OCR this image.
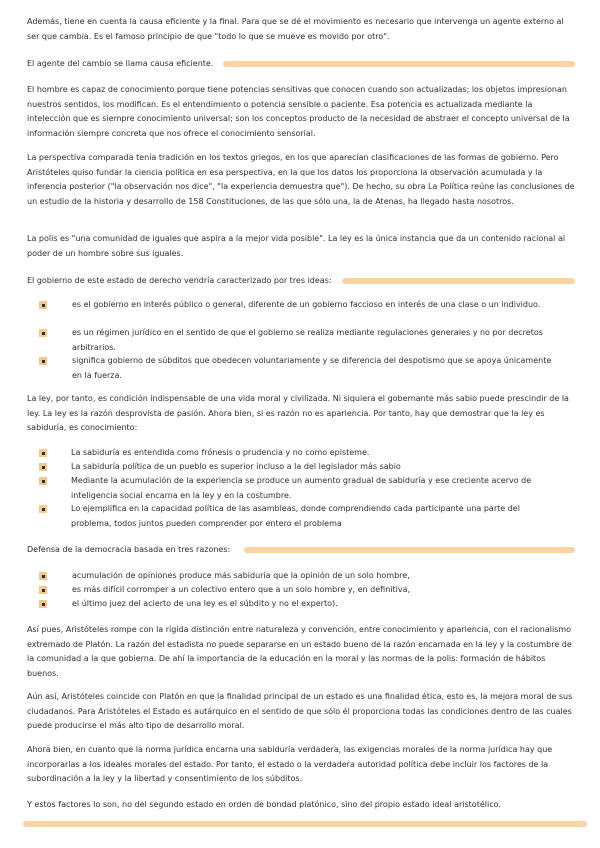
Además, tiene en cuenta la causa eficiente y la final. Para que se dé el movimiento es necesario que intervenga un agente externo al ser que cambia. Es el famoso principio de que "todo lo que se mueve es movido por otro".

El agente del cambio se llama causa eficiente.

El hombre es capaz de conocimiento porque tiene potencias sensitivas que conocen cuando son actualizadas; los objetos impresionan nuestros sentidos, los modifican. Es el entendimiento o potencia sensible o paciente. Esa potencia es actualizada mediante la intelección que es siempre conocimiento universal; son los conceptos producto de la necesidad de abstraer el concepto universal de la información siempre concreta que nos ofrece el conocimiento sensorial.

La perspectiva comparada tenía tradición en los textos griegos, en los que aparecían clasificaciones de las formas de gobierno. Pero Aristóteles quiso fundar la ciencia política en esa perspectiva, en la que los datos los proporciona la observación acumulada y la inferencia posterior ("la observación nos dice", "la experiencia demuestra que"). De hecho, su obra La Política reúne las conclusiones de un estudio de la historia y desarrollo de 158 Constituciones, de las que sólo una, la de Atenas, ha llegado hasta nosotros.

La polis es "una comunidad de iguales que aspira a la mejor vida posible". La ley es la única instancia que da un contenido racional al poder de un hombre sobre sus iguales.

El gobierno de este estado de derecho vendría caracterizado por tres ideas:
es el gobierno en interés público o general, diferente de un gobierno faccioso en interés de una clase o un individuo.
es un régimen jurídico en el sentido de que el gobierno se realiza mediante regulaciones generales y no por decretos arbitrarios.
significa gobierno de súbditos que obedecen voluntariamente y se diferencia del despotismo que se apoya únicamente en la fuerza.

La ley, por tanto, es condición indispensable de una vida moral y civilizada. Ni siquiera el gobernante más sabio puede prescindir de la ley. La ley es la razón desprovista de pasión. Ahora bien, si es razón no es apariencia. Por tanto, hay que demostrar que la ley es sabiduría, es conocimiento:

La sabiduría es entendida como frónesis o prudencia y no como episteme.
La sabiduría política de un pueblo es superior incluso a la del legislador más sabio
Mediante la acumulación de la experiencia se produce un aumento gradual de sabiduría y ese creciente acervo de inteligencia social encarna en la ley y en la costumbre.
Lo ejemplifica en la capacidad política de las asambleas, donde comprendiendo cada participante una parte del problema, todos juntos pueden comprender por entero el problema
Defensa de la democracia basada en tres razones:
acumulación de opiniones produce más sabiduría que la opinión de un solo hombre,
es más difícil corromper a un colectivo entero que a un solo hombre y, en definitiva,
el último juez del acierto de una ley es el súbdito y no el experto).

Así pues, Aristóteles rompe con la rígida distinción entre naturaleza y convención, entre conocimiento y apariencia, con el racionalismo extremado de Platón. La razón del estadista no puede separarse en un estado bueno de la razón encarnada en la ley y la costumbre de la comunidad a la que gobierna. De ahí la importancia de la educación en la moral y las normas de la polis: formación de hábitos buenos.

Aún así, Aristóteles coincide con Platón en que la finalidad principal de un estado es una finalidad ética, esto es, la mejora moral de sus ciudadanos. Para Aristóteles el Estado es autárquico en el sentido de que sólo él proporciona todas las condiciones dentro de las cuales puede producirse el más alto tipo de desarrollo moral.

Ahora bien, en cuanto que la norma jurídica encarna una sabiduría verdadera, las exigencias morales de la norma jurídica hay que incorporarlas a los ideales morales del estado. Por tanto, el estado o la verdadera autoridad política debe incluir los factores de la subordinación a la ley y la libertad y consentimiento de los súbditos.

Y estos factores lo son, no del segundo estado en orden de bondad platónico, sino del propio estado ideal aristotélico.
